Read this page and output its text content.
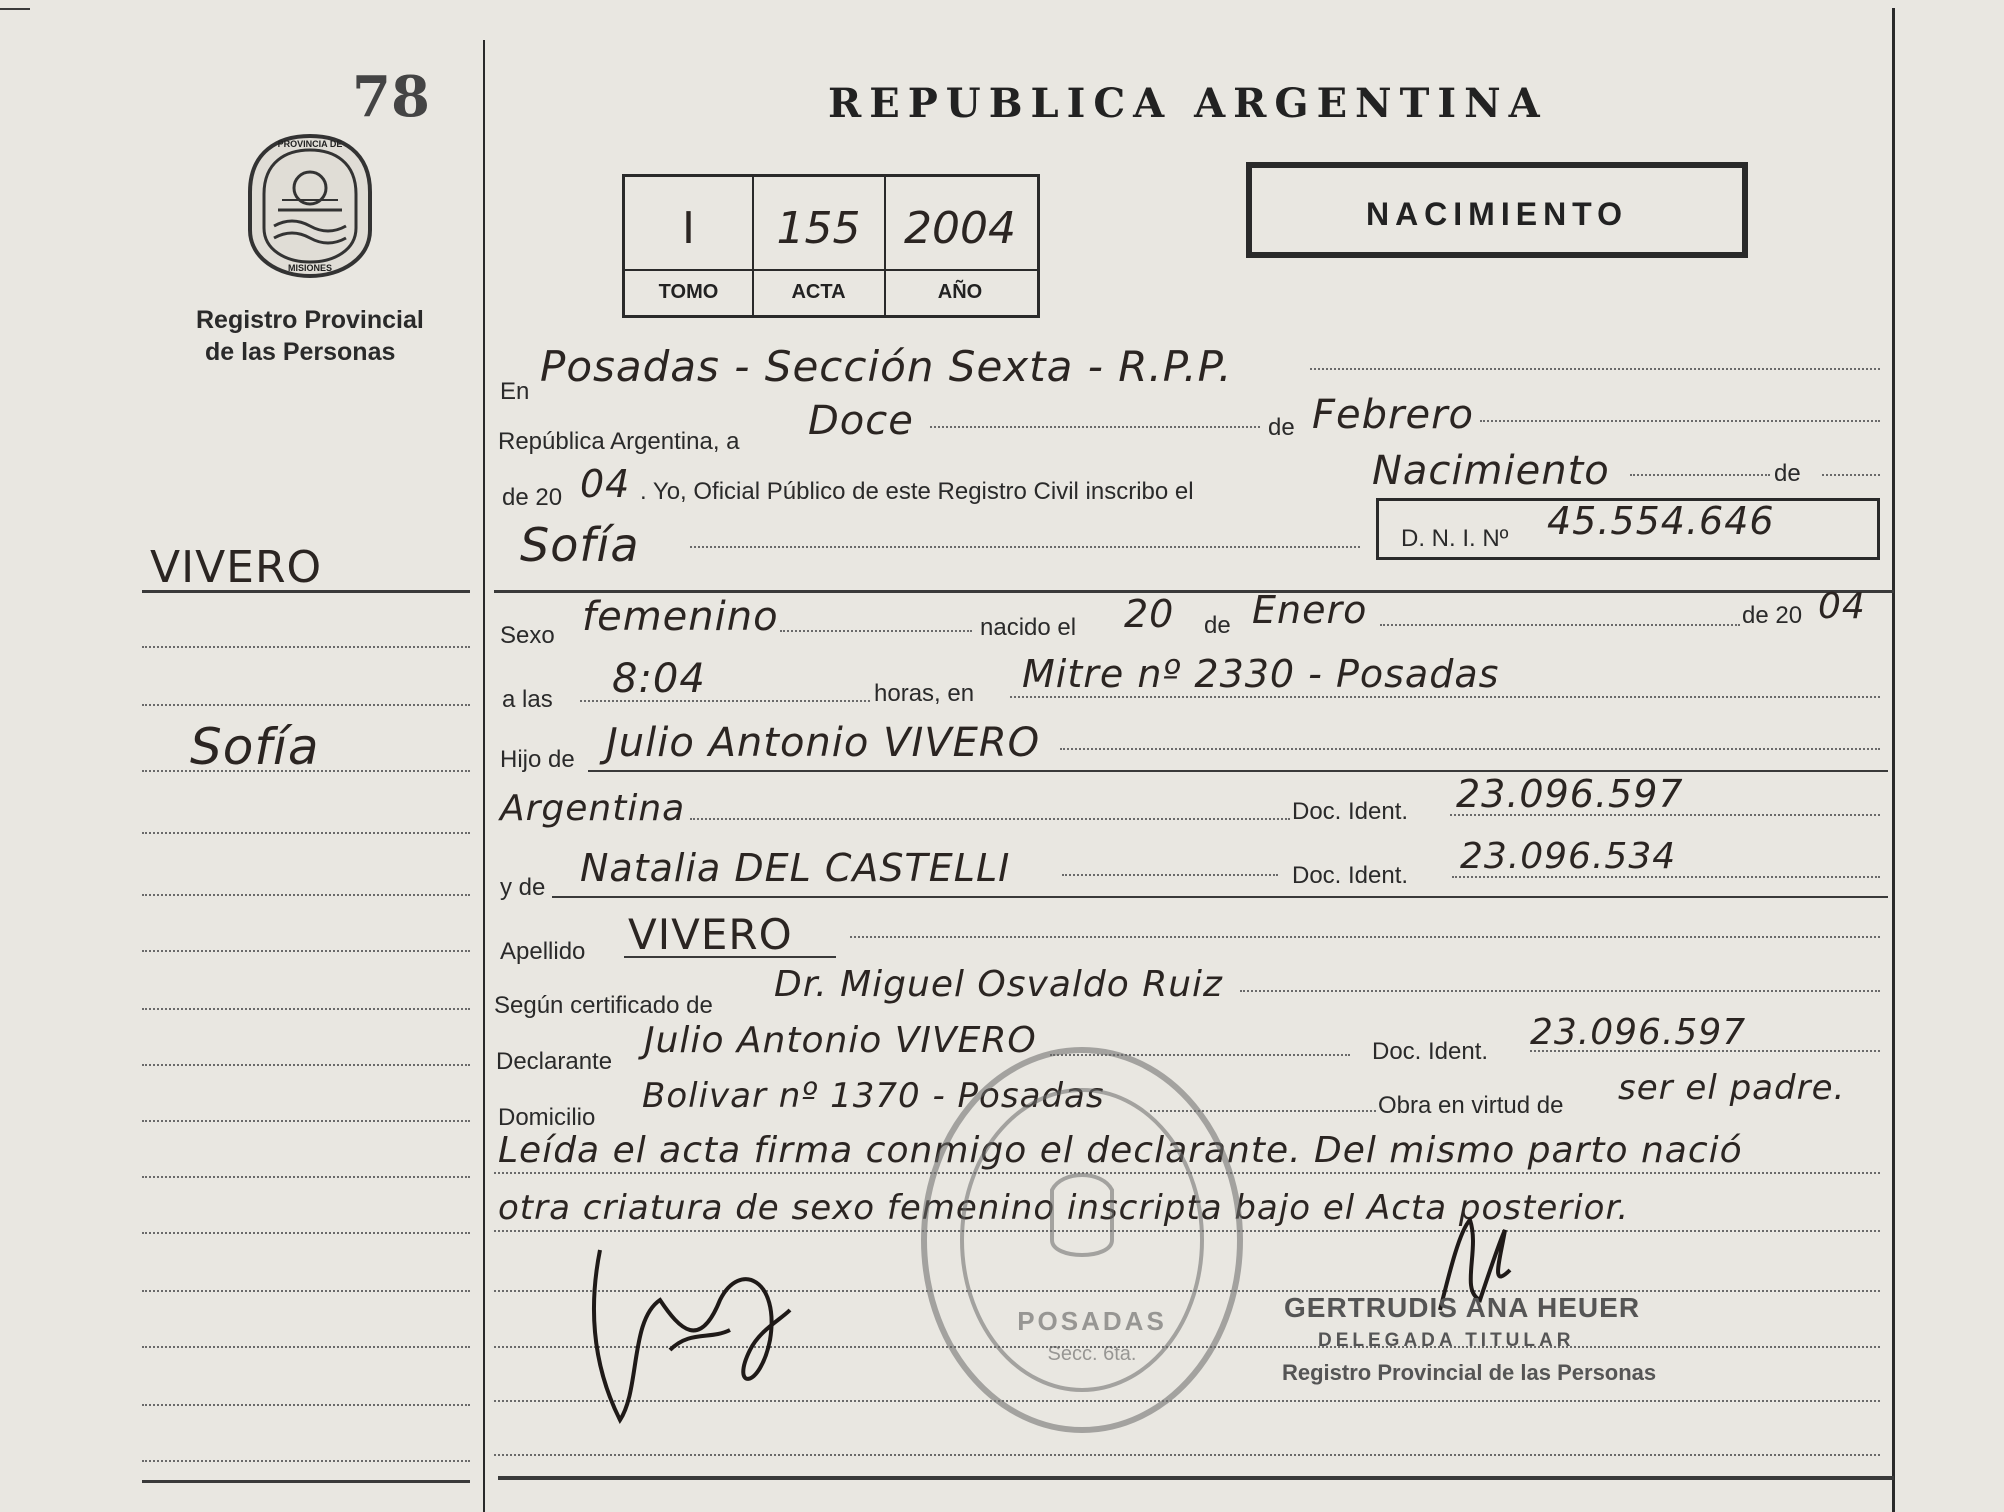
78
PROVINCIA DE
MISIONES
Registro Provincial
de las Personas
VIVERO
Sofía
REPUBLICA ARGENTINA
I	155 2004
TOMO	ACTA	AÑO
NACIMIENTO
En
Posadas - Sección Sexta - R.P.P.
República Argentina, a Doce	de Febrero
de 20 04 . Yo, Oficial Público de este Registro Civil inscribo el	Nacimiento	de
Sofía	D. N. I. Nº 45.554.646
Sexo femenino	nacido el 20 de Enero	de 20 04
a las 8:04	horas, en Mitre nº 2330 - Posadas
Hijo de Julio Antonio VIVERO
Argentina	Doc. Ident. 23.096.597
y de Natalia DEL CASTELLI	Doc. Ident. 23.096.534
Apellido VIVERO
Según certificado de
Dr. Miguel Osvaldo Ruiz
Declarante
Julio Antonio VIVERO	Doc. Ident. 23.096.597
Domicilio
Bolivar nº 1370 - Posadas	Obra en virtud de ser el padre.
Leída el acta firma conmigo el declarante. Del mismo parto nació
otra criatura de sexo femenino inscripta bajo el Acta posterior.
POSADAS
Secc. 6ta.
GERTRUDIS ANA HEUER
DELEGADA TITULAR
Registro Provincial de las Personas
